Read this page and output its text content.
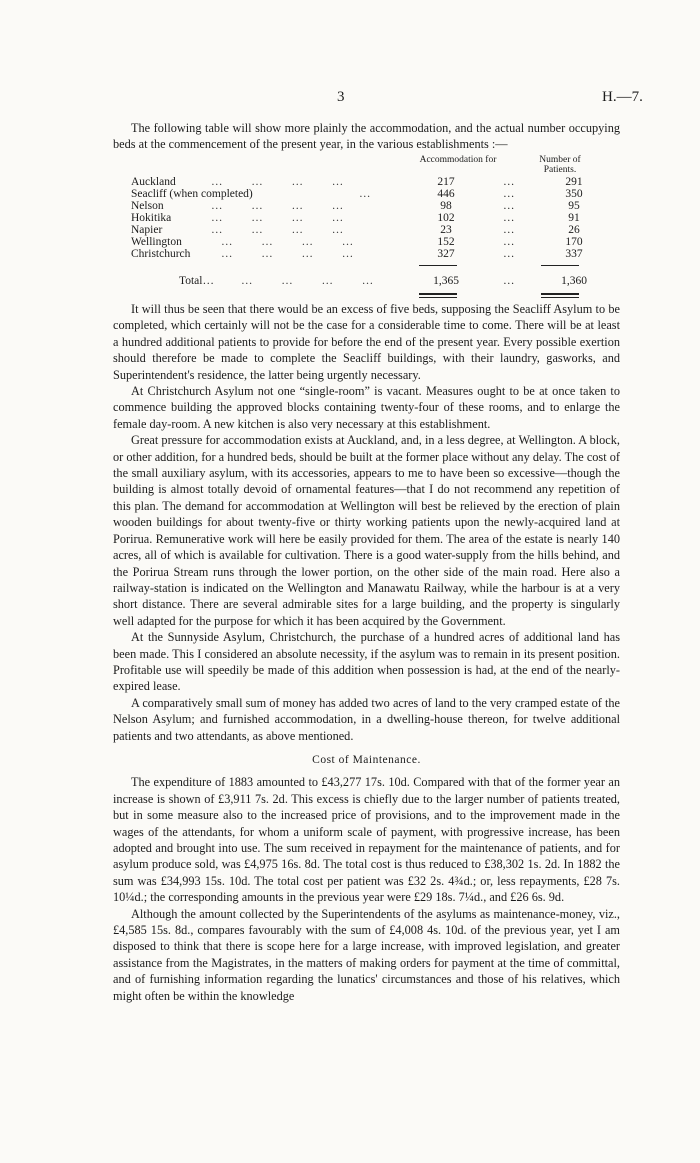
3	H.—7.

The following table will show more plainly the accommodation, and the actual number occupying beds at the commencement of the present year, in the various establishments :—

Accommodation for	Number of Patients.
Auckland	…          …          …          …	217	…	291
Seacliff (when completed)	…	446	…	350
Nelson	…          …          …          …	98	…	95
Hokitika	…          …          …          …	102	…	91
Napier	…          …          …          …	23	…	26
Wellington	…          …          …          …	152	…	170
Christchurch	…          …          …          …	327	…	337
Total… …          …          …          …	1,365	…	1,360

It will thus be seen that there would be an excess of five beds, supposing the Seacliff Asylum to be completed, which certainly will not be the case for a considerable time to come. There will be at least a hundred additional patients to provide for before the end of the present year. Every possible exertion should therefore be made to complete the Seacliff buildings, with their laundry, gasworks, and Superintendent's residence, the latter being urgently necessary.

At Christchurch Asylum not one “single-room” is vacant. Measures ought to be at once taken to commence building the approved blocks containing twenty-four of these rooms, and to enlarge the female day-room. A new kitchen is also very necessary at this establishment.

Great pressure for accommodation exists at Auckland, and, in a less degree, at Wellington. A block, or other addition, for a hundred beds, should be built at the former place without any delay. The cost of the small auxiliary asylum, with its accessories, appears to me to have been so excessive—though the building is almost totally devoid of ornamental features—that I do not recommend any repetition of this plan. The demand for accommodation at Wellington will best be relieved by the erection of plain wooden buildings for about twenty-five or thirty working patients upon the newly-acquired land at Porirua. Remunerative work will here be easily provided for them. The area of the estate is nearly 140 acres, all of which is available for cultivation. There is a good water-supply from the hills behind, and the Porirua Stream runs through the lower portion, on the other side of the main road. Here also a railway-station is indicated on the Wellington and Manawatu Railway, while the harbour is at a very short distance. There are several admirable sites for a large building, and the property is singularly well adapted for the purpose for which it has been acquired by the Government.

At the Sunnyside Asylum, Christchurch, the purchase of a hundred acres of additional land has been made. This I considered an absolute necessity, if the asylum was to remain in its present position. Profitable use will speedily be made of this addition when possession is had, at the end of the nearly-expired lease.

A comparatively small sum of money has added two acres of land to the very cramped estate of the Nelson Asylum; and furnished accommodation, in a dwelling-house thereon, for twelve additional patients and two attendants, as above mentioned.

Cost of Maintenance.

The expenditure of 1883 amounted to £43,277 17s. 10d. Compared with that of the former year an increase is shown of £3,911 7s. 2d. This excess is chiefly due to the larger number of patients treated, but in some measure also to the increased price of provisions, and to the improvement made in the wages of the attendants, for whom a uniform scale of payment, with progressive increase, has been adopted and brought into use. The sum received in repayment for the maintenance of patients, and for asylum produce sold, was £4,975 16s. 8d. The total cost is thus reduced to £38,302 1s. 2d. In 1882 the sum was £34,993 15s. 10d. The total cost per patient was £32 2s. 4¾d.; or, less repayments, £28 7s. 10¼d.; the corresponding amounts in the previous year were £29 18s. 7¼d., and £26 6s. 9d.

Although the amount collected by the Superintendents of the asylums as maintenance-money, viz., £4,585 15s. 8d., compares favourably with the sum of £4,008 4s. 10d. of the previous year, yet I am disposed to think that there is scope here for a large increase, with improved legislation, and greater assistance from the Magistrates, in the matters of making orders for payment at the time of committal, and of furnishing information regarding the lunatics' circumstances and those of his relatives, which might often be within the knowledge
